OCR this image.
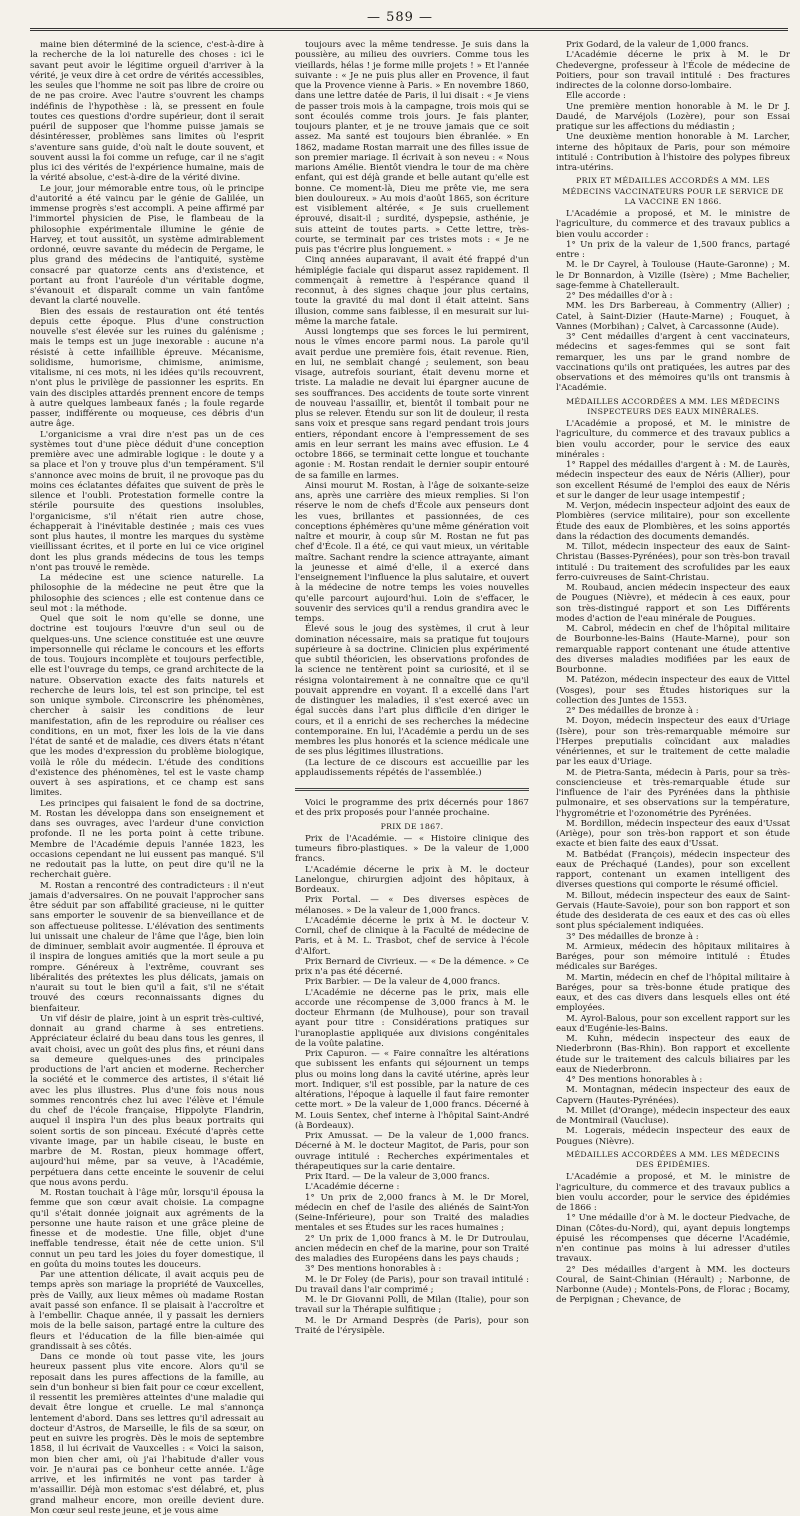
— 589 —

maine bien déterminé de la science, c'est-à-dire à la recherche de la loi naturelle des choses : ici le savant peut avoir le légitime orgueil d'arriver à la vérité, je veux dire à cet ordre de vérités accessibles, les seules que l'homme ne soit pas libre de croire ou de ne pas croire. Avec l'autre s'ouvrent les champs indéfinis de l'hypothèse : là, se pressent en foule toutes ces questions d'ordre supérieur, dont il serait puéril de supposer que l'homme puisse jamais se désintéresser, problèmes sans limites où l'esprit s'aventure sans guide, d'où naît le doute souvent, et souvent aussi la foi comme un refuge, car il ne s'agit plus ici des vérités de l'expérience humaine, mais de la vérité absolue, c'est-à-dire de la vérité divine.

Le jour, jour mémorable entre tous, où le principe d'autorité a été vaincu par le génie de Galilée, un immense progrès s'est accompli. A peine affirmé par l'immortel physicien de Pise, le flambeau de la philosophie expérimentale illumine le génie de Harvey, et tout aussitôt, un système admirablement ordonné, œuvre savante du médecin de Pergame, le plus grand des médecins de l'antiquité, système consacré par quatorze cents ans d'existence, et portant au front l'auréole d'un véritable dogme, s'évanouit et disparaît comme un vain fantôme devant la clarté nouvelle.

Bien des essais de restauration ont été tentés depuis cette époque. Plus d'une construction nouvelle s'est élevée sur les ruines du galénisme ; mais le temps est un juge inexorable : aucune n'a résisté à cette infaillible épreuve. Mécanisme, solidisme, humorisme, chimisme, animisme, vitalisme, ni ces mots, ni les idées qu'ils recouvrent, n'ont plus le privilège de passionner les esprits. En vain des disciples attardés prennent encore de temps à autre quelques lambeaux fanés ; la foule regarde passer, indifférente ou moqueuse, ces débris d'un autre âge.

L'organicisme a vrai dire n'est pas un de ces systèmes tout d'une pièce déduit d'une conception première avec une admirable logique : le doute y a sa place et l'on y trouve plus d'un tempérament. S'il s'annonce avec moins de bruit, il ne provoque pas du moins ces éclatantes défaites que suivent de près le silence et l'oubli. Protestation formelle contre la stérile poursuite des questions insolubles, l'organicisme, s'il n'était rien autre chose, échapperait à l'inévitable destinée ; mais ces vues sont plus hautes, il montre les marques du système vieillissant écrites, et il porte en lui ce vice originel dont les plus grands médecins de tous les temps n'ont pas trouvé le remède.

La médecine est une science naturelle. La philosophie de la médecine ne peut être que la philosophie des sciences ; elle est contenue dans ce seul mot : la méthode.

Quel que soit le nom qu'elle se donne, une doctrine est toujours l'œuvre d'un seul ou de quelques-uns. Une science constituée est une œuvre impersonnelle qui réclame le concours et les efforts de tous. Toujours incomplète et toujours perfectible, elle est l'ouvrage du temps, ce grand architecte de la nature. Observation exacte des faits naturels et recherche de leurs lois, tel est son principe, tel est son unique symbole. Circonscrire les phénomènes, chercher à saisir les conditions de leur manifestation, afin de les reproduire ou réaliser ces conditions, en un mot, fixer les lois de la vie dans l'état de santé et de maladie, ces divers états n'étant que les modes d'expression du problème biologique, voilà le rôle du médecin. L'étude des conditions d'existence des phénomènes, tel est le vaste champ ouvert à ses aspirations, et ce champ est sans limites.

Les principes qui faisaient le fond de sa doctrine, M. Rostan les développa dans son enseignement et dans ses ouvrages, avec l'ardeur d'une conviction profonde. Il ne les porta point à cette tribune. Membre de l'Académie depuis l'année 1823, les occasions cependant ne lui eussent pas manqué. S'il ne redoutait pas la lutte, on peut dire qu'il ne la recherchait guère.

M. Rostan a rencontré des contradicteurs : il n'eut jamais d'adversaires. On ne pouvait l'approcher sans être séduit par son affabilité gracieuse, ni le quitter sans emporter le souvenir de sa bienveillance et de son affectueuse politesse. L'élévation des sentiments lui unissait une chaleur de l'âme que l'âge, bien loin de diminuer, semblait avoir augmentée. Il éprouva et il inspira de longues amitiés que la mort seule a pu rompre. Généreux à l'extrême, couvrant ses libéralités des prétextes les plus délicats, jamais on n'aurait su tout le bien qu'il a fait, s'il ne s'était trouvé des cœurs reconnaissants dignes du bienfaiteur.

Un vif désir de plaire, joint à un esprit très-cultivé, donnait au grand charme à ses entretiens. Appréciateur éclairé du beau dans tous les genres, il avait choisi, avec un goût des plus fins, et réuni dans sa demeure quelques-unes des principales productions de l'art ancien et moderne. Rechercher la société et le commerce des artistes, il s'était lié avec les plus illustres. Plus d'une fois nous nous sommes rencontrés chez lui avec l'élève et l'émule du chef de l'école française, Hippolyte Flandrin, auquel il inspira l'un des plus beaux portraits qui soient sortis de son pinceau. Exécuté d'après cette vivante image, par un habile ciseau, le buste en marbre de M. Rostan, pieux hommage offert, aujourd'hui même, par sa veuve, à l'Académie, perpétuera dans cette enceinte le souvenir de celui que nous avons perdu.

M. Rostan touchait à l'âge mûr, lorsqu'il épousa la femme que son cœur avait choisie. La compagne qu'il s'était donnée joignait aux agréments de la personne une haute raison et une grâce pleine de finesse et de modestie. Une fille, objet d'une ineffable tendresse, était née de cette union. S'il connut un peu tard les joies du foyer domestique, il en goûta du moins toutes les douceurs.

Par une attention délicate, il avait acquis peu de temps après son mariage la propriété de Vauxcelles, près de Vailly, aux lieux mêmes où madame Rostan avait passé son enfance. Il se plaisait à l'accroître et à l'embellir. Chaque année, il y passait les derniers mois de la belle saison, partagé entre la culture des fleurs et l'éducation de la fille bien-aimée qui grandissait à ses côtés.

Dans ce monde où tout passe vite, les jours heureux passent plus vite encore. Alors qu'il se reposait dans les pures affections de la famille, au sein d'un bonheur si bien fait pour ce cœur excellent, il ressentit les premières atteintes d'une maladie qui devait être longue et cruelle. Le mal s'annonça lentement d'abord. Dans ses lettres qu'il adressait au docteur d'Astros, de Marseille, le fils de sa sœur, on peut en suivre les progrès. Dès le mois de septembre 1858, il lui écrivait de Vauxcelles : « Voici la saison, mon bien cher ami, où j'ai l'habitude d'aller vous voir. Je n'aurai pas ce bonheur cette année. L'âge arrive, et les infirmités ne vont pas tarder à m'assaillir. Déjà mon estomac s'est délabré, et, plus grand malheur encore, mon oreille devient dure. Mon cœur seul reste jeune, et je vous aime

toujours avec la même tendresse. Je suis dans la poussière, au milieu des ouvriers. Comme tous les vieillards, hélas ! je forme mille projets ! » Et l'année suivante : « Je ne puis plus aller en Provence, il faut que la Provence vienne à Paris. » En novembre 1860, dans une lettre datée de Paris, il lui disait : « Je viens de passer trois mois à la campagne, trois mois qui se sont écoulés comme trois jours. Je fais planter, toujours planter, et je ne trouve jamais que ce soit assez. Ma santé est toujours bien ébranlée. » En 1862, madame Rostan marrait une des filles issue de son premier mariage. Il écrivait à son neveu : « Nous marions Amélie. Bientôt viendra le tour de ma chère enfant, qui est déjà grande et belle autant qu'elle est bonne. Ce moment-là, Dieu me prête vie, me sera bien douloureux. » Au mois d'août 1865, son écriture est visiblement altérée, « Je suis cruellement éprouvé, disait-il ; surdité, dyspepsie, asthénie, je suis atteint de toutes parts. » Cette lettre, très-courte, se terminait par ces tristes mots : « Je ne puis pas t'écrire plus longuement. »

Cinq années auparavant, il avait été frappé d'un hémiplégie faciale qui disparut assez rapidement. Il commençait à remettre à l'espérance quand il reconnut, à des signes chaque jour plus certains, toute la gravité du mal dont il était atteint. Sans illusion, comme sans faiblesse, il en mesurait sur lui-même la marche fatale.

Aussi longtemps que ses forces le lui permirent, nous le vîmes encore parmi nous. La parole qu'il avait perdue une première fois, était revenue. Rien, en lui, ne semblait changé ; seulement, son beau visage, autrefois souriant, était devenu morne et triste. La maladie ne devait lui épargner aucune de ses souffrances. Des accidents de toute sorte vinrent de nouveau l'assaillir, et, bientôt il tombait pour ne plus se relever. Étendu sur son lit de douleur, il resta sans voix et presque sans regard pendant trois jours entiers, répondant encore à l'empressement de ses amis en leur serrant les mains avec effusion. Le 4 octobre 1866, se terminait cette longue et touchante agonie : M. Rostan rendait le dernier soupir entouré de sa famille en larmes.

Ainsi mourut M. Rostan, à l'âge de soixante-seize ans, après une carrière des mieux remplies. Si l'on réserve le nom de chefs d'École aux penseurs dont les vues, brillantes et passionnées, de ces conceptions éphémères qu'une même génération voit naître et mourir, à coup sûr M. Rostan ne fut pas chef d'École. Il a été, ce qui vaut mieux, un véritable maître. Sachant rendre la science attrayante, aimant la jeunesse et aimé d'elle, il a exercé dans l'enseignement l'influence la plus salutaire, et ouvert à la médecine de notre temps les voies nouvelles qu'elle parcourt aujourd'hui. Loin de s'effacer, le souvenir des services qu'il a rendus grandira avec le temps.

Élevé sous le joug des systèmes, il crut à leur domination nécessaire, mais sa pratique fut toujours supérieure à sa doctrine. Clinicien plus expérimenté que subtil théoricien, les observations profondes de la science ne tentèrent point sa curiosité, et il se résigna volontairement à ne connaître que ce qu'il pouvait apprendre en voyant. Il a excellé dans l'art de distinguer les maladies, il s'est exercé avec un égal succès dans l'art plus difficile d'en diriger le cours, et il a enrichi de ses recherches la médecine contemporaine. En lui, l'Académie a perdu un de ses membres les plus honorés et la science médicale une de ses plus légitimes illustrations.

(La lecture de ce discours est accueillie par les applaudissements répétés de l'assemblée.)

Voici le programme des prix décernés pour 1867 et des prix proposés pour l'année prochaine.

PRIX DE 1867.

Prix de l'Académie. — « Histoire clinique des tumeurs fibro-plastiques. » De la valeur de 1,000 francs.

L'Académie décerne le prix à M. le docteur Lanelongue, chirurgien adjoint des hôpitaux, à Bordeaux.

Prix Portal. — « Des diverses espèces de mélanoses. » De la valeur de 1,000 francs.

L'Académie décerne le prix à M. le docteur V. Cornil, chef de clinique à la Faculté de médecine de Paris, et à M. L. Trasbot, chef de service à l'école d'Alfort.

Prix Bernard de Civrieux. — « De la démence. » Ce prix n'a pas été décerné.

Prix Barbier. — De la valeur de 4,000 francs.

L'Académie ne décerne pas le prix, mais elle accorde une récompense de 3,000 francs à M. le docteur Ehrmann (de Mulhouse), pour son travail ayant pour titre : Considérations pratiques sur l'uranoplastie appliquée aux divisions congénitales de la voûte palatine.

Prix Capuron. — « Faire connaître les altérations que subissent les enfants qui séjournent un temps plus ou moins long dans la cavité utérine, après leur mort. Indiquer, s'il est possible, par la nature de ces altérations, l'époque à laquelle il faut faire remonter cette mort. » De la valeur de 1,000 francs. Décerné à M. Louis Sentex, chef interne à l'hôpital Saint-André (à Bordeaux).

Prix Amussat. — De la valeur de 1,000 francs. Décerné à M. le docteur Magitot, de Paris, pour son ouvrage intitulé : Recherches expérimentales et thérapeutiques sur la carie dentaire.

Prix Itard. — De la valeur de 3,000 francs.

L'Académie décerne :

1° Un prix de 2,000 francs à M. le Dr Morel, médecin en chef de l'asile des aliénés de Saint-Yon (Seine-Inférieure), pour son Traité des maladies mentales et ses Études sur les races humaines ;

2° Un prix de 1,000 francs à M. le Dr Dutroulau, ancien médecin en chef de la marine, pour son Traité des maladies des Européens dans les pays chauds ;

3° Des mentions honorables à :

M. le Dr Foley (de Paris), pour son travail intitulé : Du travail dans l'air comprimé ;

M. le Dr Giovanni Polli, de Milan (Italie), pour son travail sur la Thérapie sulfitique ;

M. le Dr Armand Desprès (de Paris), pour son Traité de l'érysipèle.

Prix Godard, de la valeur de 1,000 francs.

L'Académie décerne le prix à M. le Dr Chedevergne, professeur à l'École de médecine de Poitiers, pour son travail intitulé : Des fractures indirectes de la colonne dorso-lombaire.

Elle accorde :

Une première mention honorable à M. le Dr J. Daudé, de Marvéjols (Lozère), pour son Essai pratique sur les affections du médiastin ;

Une deuxième mention honorable à M. Larcher, interne des hôpitaux de Paris, pour son mémoire intitulé : Contribution à l'histoire des polypes fibreux intra-utérins.

PRIX ET MÉDAILLES ACCORDÉS A MM. LES MÉDECINS VACCINATEURS POUR LE SERVICE DE LA VACCINE EN 1866.

L'Académie a proposé, et M. le ministre de l'agriculture, du commerce et des travaux publics a bien voulu accorder :

1° Un prix de la valeur de 1,500 francs, partagé entre :

M. le Dr Cayrel, à Toulouse (Haute-Garonne) ; M. le Dr Bonnardon, à Vizille (Isère) ; Mme Bachelier, sage-femme à Chatellerault.

2° Des médailles d'or à :

MM. les Drs Barbereau, à Commentry (Allier) ; Catel, à Saint-Dizier (Haute-Marne) ; Fouquet, à Vannes (Morbihan) ; Calvet, à Carcassonne (Aude).

3° Cent médailles d'argent à cent vaccinateurs, médecins et sages-femmes qui se sont fait remarquer, les uns par le grand nombre de vaccinations qu'ils ont pratiquées, les autres par des observations et des mémoires qu'ils ont transmis à l'Académie.

MÉDAILLES ACCORDÉES A MM. LES MÉDECINS INSPECTEURS DES EAUX MINÉRALES.

L'Académie a proposé, et M. le ministre de l'agriculture, du commerce et des travaux publics a bien voulu accorder, pour le service des eaux minérales :

1° Rappel des médailles d'argent à : M. de Laurès, médecin inspecteur des eaux de Néris (Allier), pour son excellent Résumé de l'emploi des eaux de Néris et sur le danger de leur usage intempestif ;

M. Verjon, médecin inspecteur adjoint des eaux de Plombières (service militaire), pour son excellente Étude des eaux de Plombières, et les soins apportés dans la rédaction des documents demandés.

M. Tillot, médecin inspecteur des eaux de Saint-Christau (Basses-Pyrénées), pour son très-bon travail intitulé : Du traitement des scrofulides par les eaux ferro-cuivreuses de Saint-Christau.

M. Roubaud, ancien médecin inspecteur des eaux de Pougues (Nièvre), et médecin à ces eaux, pour son très-distingué rapport et son Les Différents modes d'action de l'eau minérale de Pougues.

M. Cabrol, médecin en chef de l'hôpital militaire de Bourbonne-les-Bains (Haute-Marne), pour son remarquable rapport contenant une étude attentive des diverses maladies modifiées par les eaux de Bourbonne.

M. Patézon, médecin inspecteur des eaux de Vittel (Vosges), pour ses Études historiques sur la collection des Juntes de 1553.

2° Des médailles de bronze à :

M. Doyon, médecin inspecteur des eaux d'Uriage (Isère), pour son très-remarquable mémoire sur l'Herpes preputialis coïncidant aux maladies vénériennes, et sur le traitement de cette maladie par les eaux d'Uriage.

M. de Pietra-Santa, médecin à Paris, pour sa très-consciencieuse et très-remarquable étude sur l'influence de l'air des Pyrénées dans la phthisie pulmonaire, et ses observations sur la température, l'hygrométrie et l'ozonométrie des Pyrénées.

M. Bordillon, médecin inspecteur des eaux d'Ussat (Ariège), pour son très-bon rapport et son étude exacte et bien faite des eaux d'Ussat.

M. Batbédat (François), médecin inspecteur des eaux de Préchaqué (Landes), pour son excellent rapport, contenant un examen intelligent des diverses questions qui comporte le résumé officiel.

M. Billout, médecin inspecteur des eaux de Saint-Gervais (Haute-Savoie), pour son bon rapport et son étude des desiderata de ces eaux et des cas où elles sont plus spécialement indiquées.

3° Des médailles de bronze à :

M. Armieux, médecin des hôpitaux militaires à Baréges, pour son mémoire intitulé : Études médicales sur Baréges.

M. Martin, médecin en chef de l'hôpital militaire à Baréges, pour sa très-bonne étude pratique des eaux, et des cas divers dans lesquels elles ont été employées.

M. Ayrol-Balous, pour son excellent rapport sur les eaux d'Eugénie-les-Bains.

M. Kuhn, médecin inspecteur des eaux de Niederbronn (Bas-Rhin). Bon rapport et excellente étude sur le traitement des calculs biliaires par les eaux de Niederbronn.

4° Des mentions honorables à :

M. Montagnan, médecin inspecteur des eaux de Capvern (Hautes-Pyrénées).

M. Millet (d'Orange), médecin inspecteur des eaux de Montmirail (Vaucluse).

M. Logerais, médecin inspecteur des eaux de Pougues (Nièvre).

MÉDAILLES ACCORDÉES A MM. LES MÉDECINS DES ÉPIDÉMIES.

L'Académie a proposé, et M. le ministre de l'agriculture, du commerce et des travaux publics a bien voulu accorder, pour le service des épidémies de 1866 :

1° Une médaille d'or à M. le docteur Piedvache, de Dinan (Côtes-du-Nord), qui, ayant depuis longtemps épuisé les récompenses que décerne l'Académie, n'en continue pas moins à lui adresser d'utiles travaux.

2° Des médailles d'argent à MM. les docteurs Coural, de Saint-Chinian (Hérault) ; Narbonne, de Narbonne (Aude) ; Montels-Pons, de Florac ; Bocamy, de Perpignan ; Chevance, de
